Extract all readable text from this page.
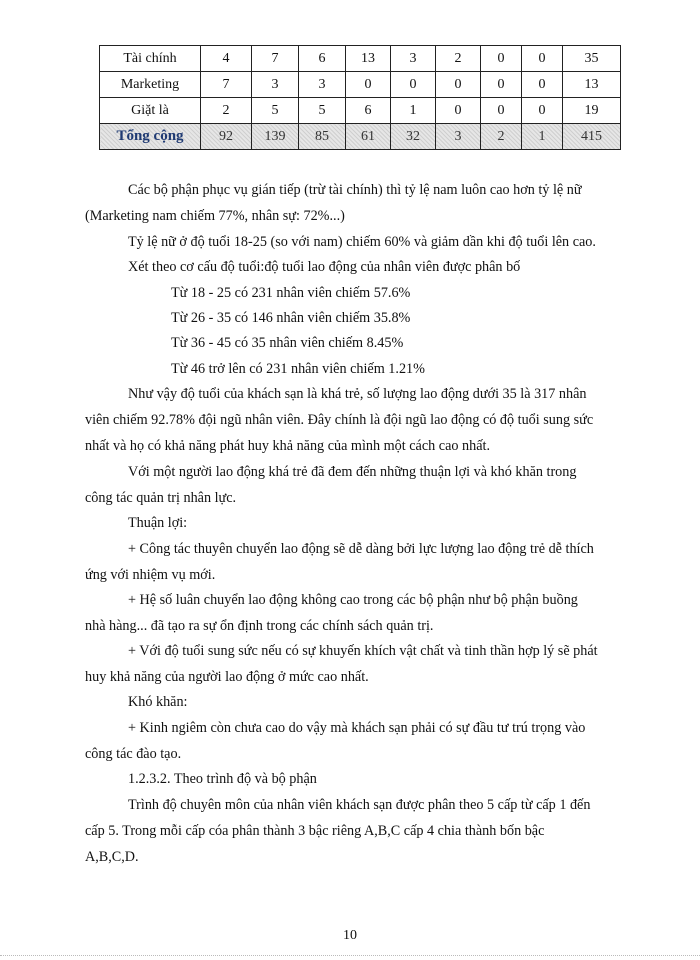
Tài chính	4	7	6	13	3	2	0	0	35
Marketing	7	3	3	0	0	0	0	0	13
Giặt là	2	5	5	6	1	0	0	0	19
Tổng cộng	92	139	85	61	32	3	2	1	415

Các bộ phận phục vụ gián tiếp (trừ tài chính) thì tỷ lệ nam luôn cao hơn tỷ lệ nữ

(Marketing nam chiếm 77%, nhân sự: 72%...)

Tỷ lệ nữ ở độ tuổi 18-25 (so với nam) chiếm 60% và giảm dần khi độ tuổi lên cao.

Xét theo cơ cấu độ tuổi:độ tuổi lao động của nhân viên được phân bố

Từ 18 - 25 có 231 nhân viên chiếm 57.6%

Từ 26 - 35 có 146 nhân viên chiếm 35.8%

Từ 36 - 45 có 35 nhân viên chiếm 8.45%

Từ 46 trở lên có 231 nhân viên chiếm 1.21%

Như vậy độ tuổi của khách sạn là khá trẻ, số lượng lao động dưới 35 là 317 nhân

viên chiếm 92.78% đội ngũ nhân viên. Đây chính là đội ngũ lao động có độ tuổi sung sức

nhất và họ có khả năng phát huy khả năng của mình một cách cao nhất.

Với một người lao động khá trẻ đã đem đến những thuận lợi và khó khăn trong

công tác quản trị nhân lực.

Thuận lợi:

+ Công tác thuyên chuyển lao động sẽ dễ dàng bởi lực lượng lao động trẻ dễ thích

ứng với nhiệm vụ mới.

+ Hệ số luân chuyển lao động không cao trong các bộ phận như bộ phận buồng

nhà hàng... đã tạo ra sự ổn định trong các chính sách quản trị.

+ Với độ tuổi sung sức nếu có sự khuyến khích vật chất và tinh thần hợp lý sẽ phát

huy khả năng của người lao động ở mức cao nhất.

Khó khăn:

+ Kinh ngiêm còn chưa cao do vậy mà khách sạn phải có sự đầu tư trú trọng vào

công tác đào tạo.

1.2.3.2. Theo trình độ và bộ phận

Trình độ chuyên môn của nhân viên khách sạn được phân theo 5 cấp từ cấp 1 đến

cấp 5. Trong mỗi cấp cóa phân thành 3 bậc riêng A,B,C cấp 4 chia thành bốn bậc

A,B,C,D.

10
